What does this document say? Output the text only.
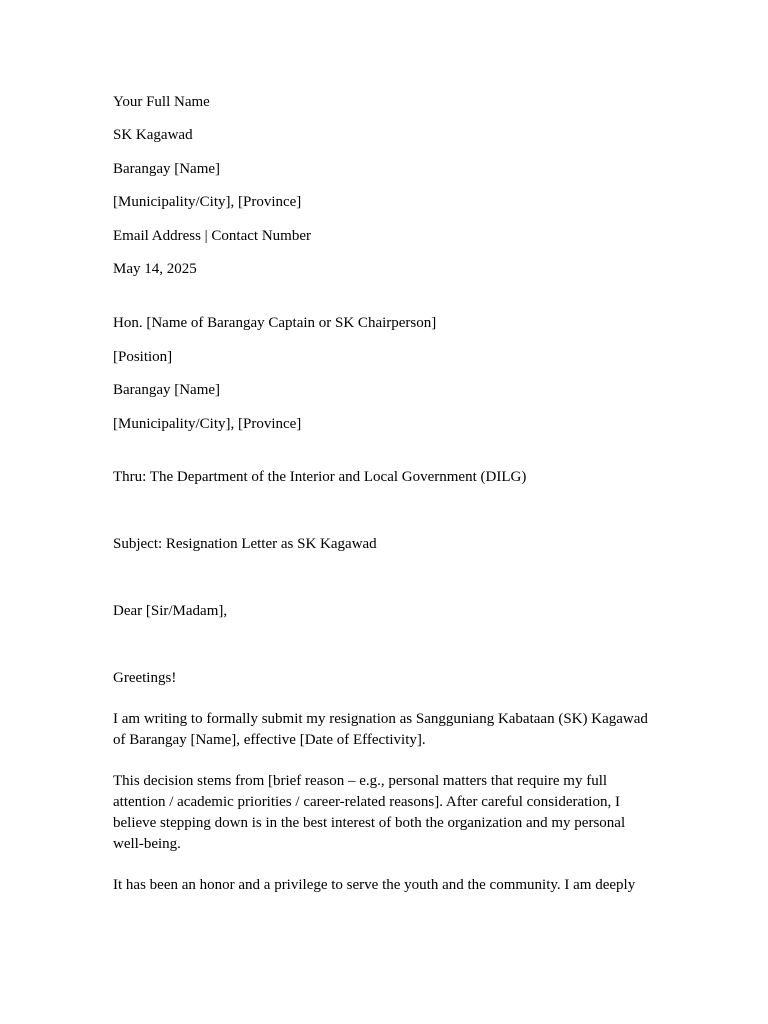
Your Full Name
SK Kagawad
Barangay [Name]
[Municipality/City], [Province]
Email Address | Contact Number
May 14, 2025
Hon. [Name of Barangay Captain or SK Chairperson]
[Position]
Barangay [Name]
[Municipality/City], [Province]
Thru: The Department of the Interior and Local Government (DILG)
Subject: Resignation Letter as SK Kagawad
Dear [Sir/Madam],
Greetings!

I am writing to formally submit my resignation as Sangguniang Kabataan (SK) Kagawad of Barangay [Name], effective [Date of Effectivity].

This decision stems from [brief reason – e.g., personal matters that require my full attention / academic priorities / career-related reasons]. After careful consideration, I believe stepping down is in the best interest of both the organization and my personal well-being.

It has been an honor and a privilege to serve the youth and the community. I am deeply
